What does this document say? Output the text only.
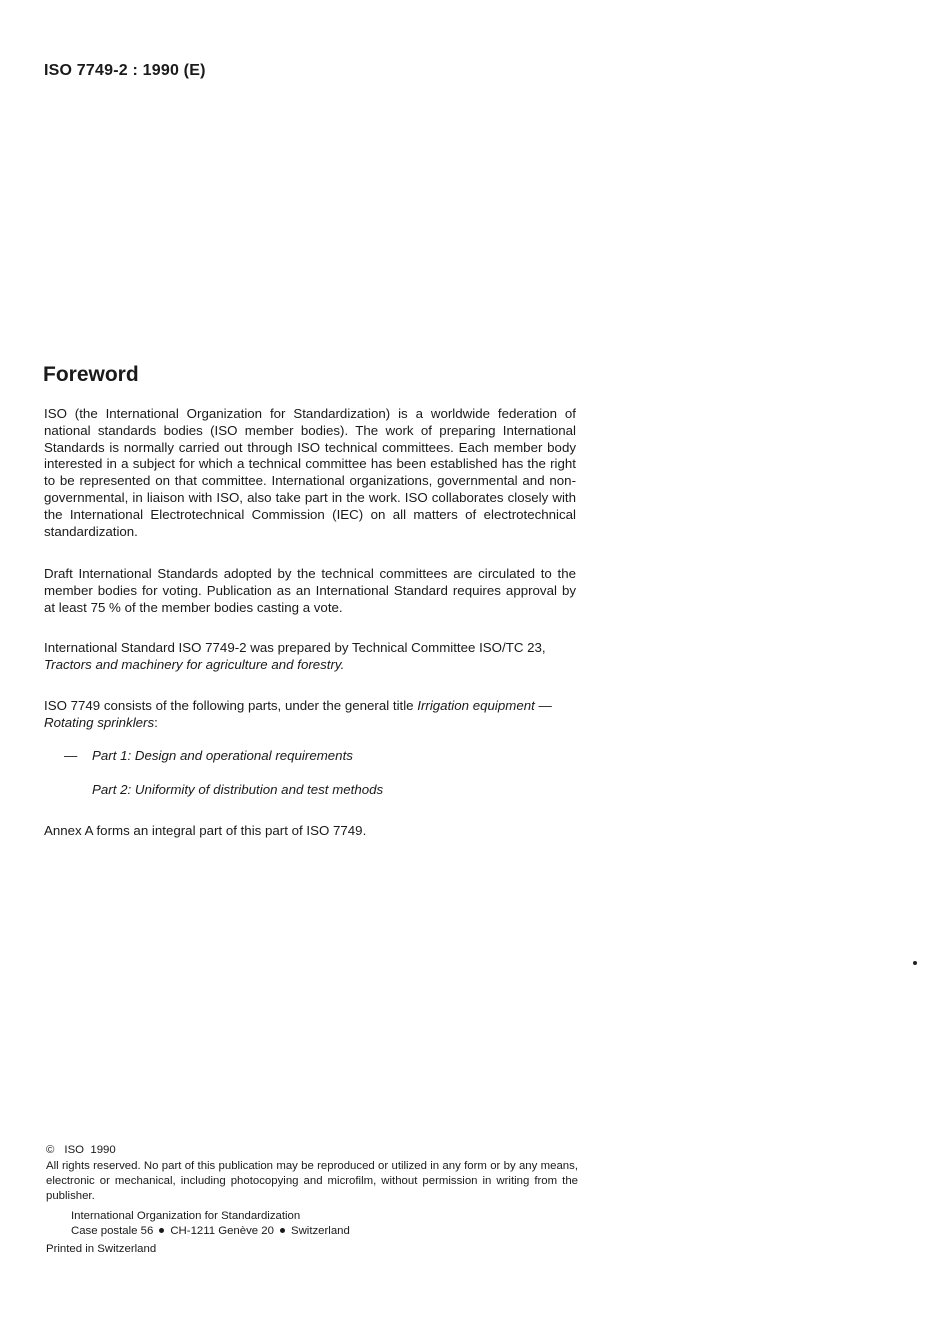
ISO 7749-2 : 1990 (E)
Foreword

ISO (the International Organization for Standardization) is a worldwide federation of national standards bodies (ISO member bodies). The work of preparing International Standards is normally carried out through ISO technical committees. Each member body interested in a subject for which a technical committee has been established has the right to be represented on that committee. International organizations, governmental and non-governmental, in liaison with ISO, also take part in the work. ISO collaborates closely with the International Electrotechnical Commission (IEC) on all matters of electrotechnical standardization.

Draft International Standards adopted by the technical committees are circulated to the member bodies for voting. Publication as an International Standard requires approval by at least 75 % of the member bodies casting a vote.

International Standard ISO 7749-2 was prepared by Technical Committee ISO/TC 23,
Tractors and machinery for agriculture and forestry.

ISO 7749 consists of the following parts, under the general title Irrigation equipment — Rotating sprinklers:

— Part 1: Design and operational requirements
Part 2: Uniformity of distribution and test methods

Annex A forms an integral part of this part of ISO 7749.

© ISO  1990
All rights reserved. No part of this publication may be reproduced or utilized in any form or by any means, electronic or mechanical, including photocopying and microfilm, without permission in writing from the publisher.
International Organization for Standardization
Case postale 56 CH-1211 Genève 20 Switzerland
Printed in Switzerland
